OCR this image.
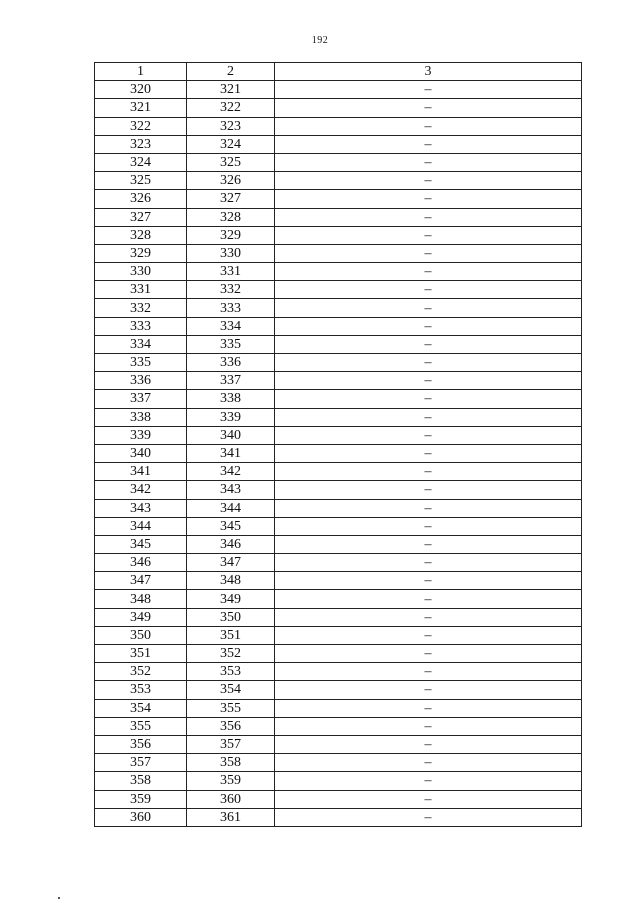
192
1	2	3
320	321	–
321	322	–
322	323	–
323	324	–
324	325	–
325	326	–
326	327	–
327	328	–
328	329	–
329	330	–
330	331	–
331	332	–
332	333	–
333	334	–
334	335	–
335	336	–
336	337	–
337	338	–
338	339	–
339	340	–
340	341	–
341	342	–
342	343	–
343	344	–
344	345	–
345	346	–
346	347	–
347	348	–
348	349	–
349	350	–
350	351	–
351	352	–
352	353	–
353	354	–
354	355	–
355	356	–
356	357	–
357	358	–
358	359	–
359	360	–
360	361	–
